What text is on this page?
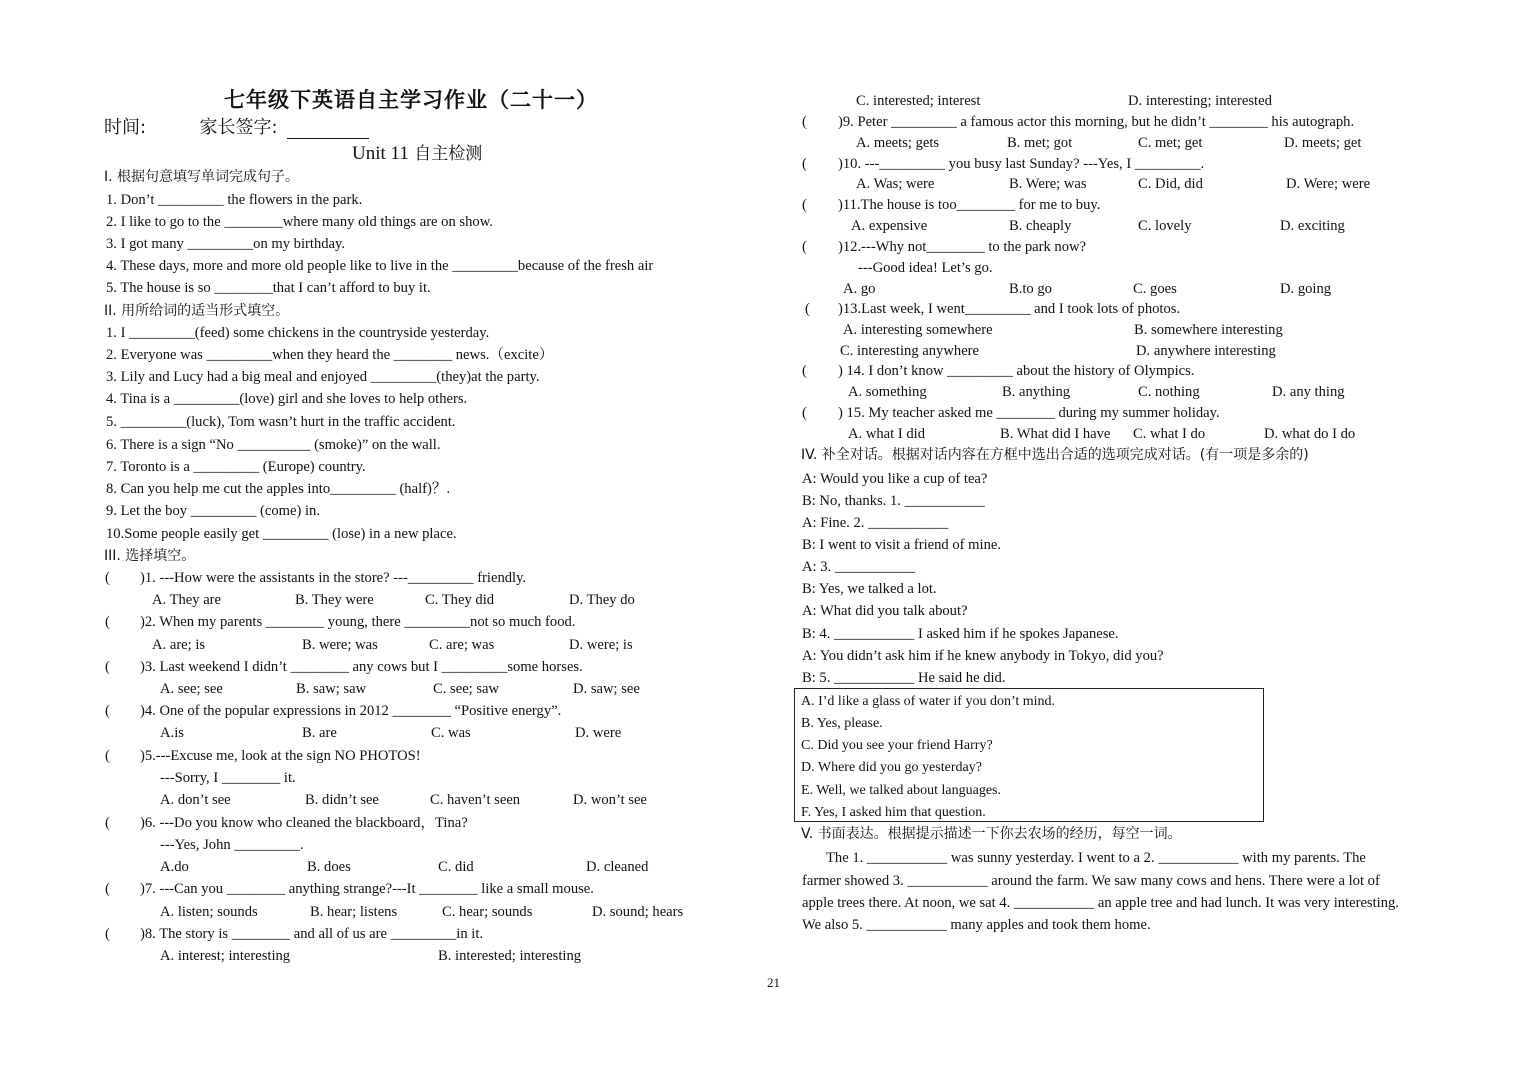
七年级下英语自主学习作业（二十一）
时间:	家长签字:
Unit 11 自主检测
Ⅰ. 根据句意填写单词完成句子。
1. Don’t _________ the flowers in the park.
2. I like to go to the ________where many old things are on show.
3. I got many _________on my birthday.
4. These days, more and more old people like to live in the _________because of the fresh air
5. The house is so ________that I can’t afford to buy it.
II. 用所给词的适当形式填空。
1. I _________(feed) some chickens in the countryside yesterday.
2. Everyone was _________when they heard the ________ news.（excite）
3. Lily and Lucy had a big meal and enjoyed _________(they)at the party.
4. Tina is a _________(love) girl and she loves to help others.
5. _________(luck), Tom wasn’t hurt in the traffic accident.
6. There is a sign “No __________ (smoke)” on the wall.
7. Toronto is a _________ (Europe) country.
8. Can you help me cut the apples into_________ (half)？.
9. Let the boy _________ (come) in.
10.Some people easily get _________ (lose) in a new place.
III. 选择填空。
( )1. ---How were the assistants in the store? ---_________ friendly.
A. They are	B. They were	C. They did	D. They do
( )2. When my parents ________ young, there _________not so much food.
A. are; is	B. were; was	C. are; was	D. were; is
( )3. Last weekend I didn’t ________ any cows but I _________some horses.
A. see; see	B. saw; saw	C. see; saw	D. saw; see
( )4. One of the popular expressions in 2012 ________ “Positive energy”.
A.is	B. are	C. was	D. were
( )5.---Excuse me, look at the sign NO PHOTOS!
---Sorry, I ________ it.
A. don’t see	B. didn’t see	C. haven’t seen	D. won’t see
( )6. ---Do you know who cleaned the blackboard，Tina?
---Yes, John _________.
A.do	B. does	C. did	D. cleaned
( )7. ---Can you ________ anything strange?---It ________ like a small mouse.
A. listen; sounds	B. hear; listens	C. hear; sounds	D. sound; hears
( )8. The story is ________ and all of us are _________in it.
A. interest; interesting	B. interested; interesting
C. interested; interest	D. interesting; interested
( )9. Peter _________ a famous actor this morning, but he didn’t ________ his autograph.
A. meets; gets	B. met; got	C. met; get	D. meets; get
( )10. ---_________ you busy last Sunday? ---Yes, I _________.
A. Was; were	B. Were; was	C. Did, did	D. Were; were
( )11.The house is too________ for me to buy.
A. expensive	B. cheaply	C. lovely	D. exciting
( )12.---Why not________ to the park now?
---Good idea! Let’s go.
A. go	B.to go	C. goes	D. going
( )13.Last week, I went_________ and I took lots of photos.
A. interesting somewhere	B. somewhere interesting
C. interesting anywhere	D. anywhere interesting
( ) 14. I don’t know _________ about the history of Olympics.
A. something	B. anything	C. nothing	D. any thing
( ) 15. My teacher asked me ________ during my summer holiday.
A. what I did	B. What did I have C. what I do	D. what do I do
IV. 补全对话。根据对话内容在方框中选出合适的选项完成对话。(有一项是多余的)
A: Would you like a cup of tea?
B: No, thanks. 1. ___________
A: Fine. 2. ___________
B: I went to visit a friend of mine.
A: 3. ___________
B: Yes, we talked a lot.
A: What did you talk about?
B: 4. ___________ I asked him if he spokes Japanese.
A: You didn’t ask him if he knew anybody in Tokyo, did you?
B: 5. ___________ He said he did.
A. I’d like a glass of water if you don’t mind.
B. Yes, please.
C. Did you see your friend Harry?
D. Where did you go yesterday?
E. Well, we talked about languages.
F. Yes, I asked him that question.
V. 书面表达。根据提示描述一下你去农场的经历，每空一词。
The 1. ___________ was sunny yesterday. I went to a 2. ___________ with my parents. The
farmer showed 3. ___________ around the farm. We saw many cows and hens. There were a lot of
apple trees there. At noon, we sat 4. ___________ an apple tree and had lunch. It was very interesting.
We also 5. ___________ many apples and took them home.
21
